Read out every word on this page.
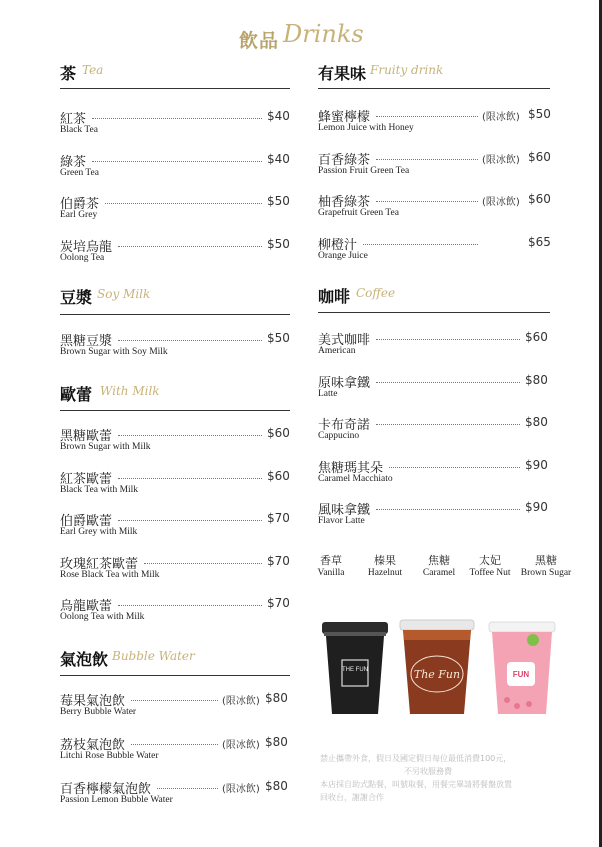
飲品 Drinks
茶 Tea
紅茶
Black Tea
$40
綠茶
Green Tea
$40
伯爵茶
Earl Grey
$50
炭培烏龍
Oolong Tea
$50
豆漿 Soy Milk
黑糖豆漿
Brown Sugar with Soy Milk
$50
歐蕾 With Milk
黑糖歐蕾
Brown Sugar with Milk
$60
紅茶歐蕾
Black Tea with Milk
$60
伯爵歐蕾
Earl Grey with Milk
$70
玫瑰紅茶歐蕾
Rose Black Tea with Milk
$70
烏龍歐蕾
Oolong Tea with Milk
$70
氣泡飲 Bubble Water
莓果氣泡飲
Berry Bubble Water
(限冰飲) $80
荔枝氣泡飲
Litchi Rose Bubble Water
(限冰飲) $80
百香檸檬氣泡飲
Passion Lemon Bubble Water
(限冰飲) $80
有果味 Fruity drink
蜂蜜檸檬
Lemon Juice with Honey
(限冰飲) $50
百香綠茶
Passion Fruit Green Tea
(限冰飲) $60
柚香綠茶
Grapefruit Green Tea
(限冰飲) $60
柳橙汁
Orange Juice
$65
咖啡 Coffee
美式咖啡
American
$60
原味拿鐵
Latte
$80
卡布奇諾
Cappucino
$80
焦糖瑪其朵
Caramel Macchiato
$90
風味拿鐵
Flavor Latte
$90
香草
Vanilla
榛果
Hazelnut
焦糖
Caramel
太妃
Toffee Nut
黑糖
Brown Sugar
THE FUN	The Fun	FUN
禁止攜帶外食，假日及國定假日每位最低消費100元，
不另收服務費
本店採自助式點餐，叫號取餐，用餐完畢請將餐盤放置
回收台，謝謝合作
